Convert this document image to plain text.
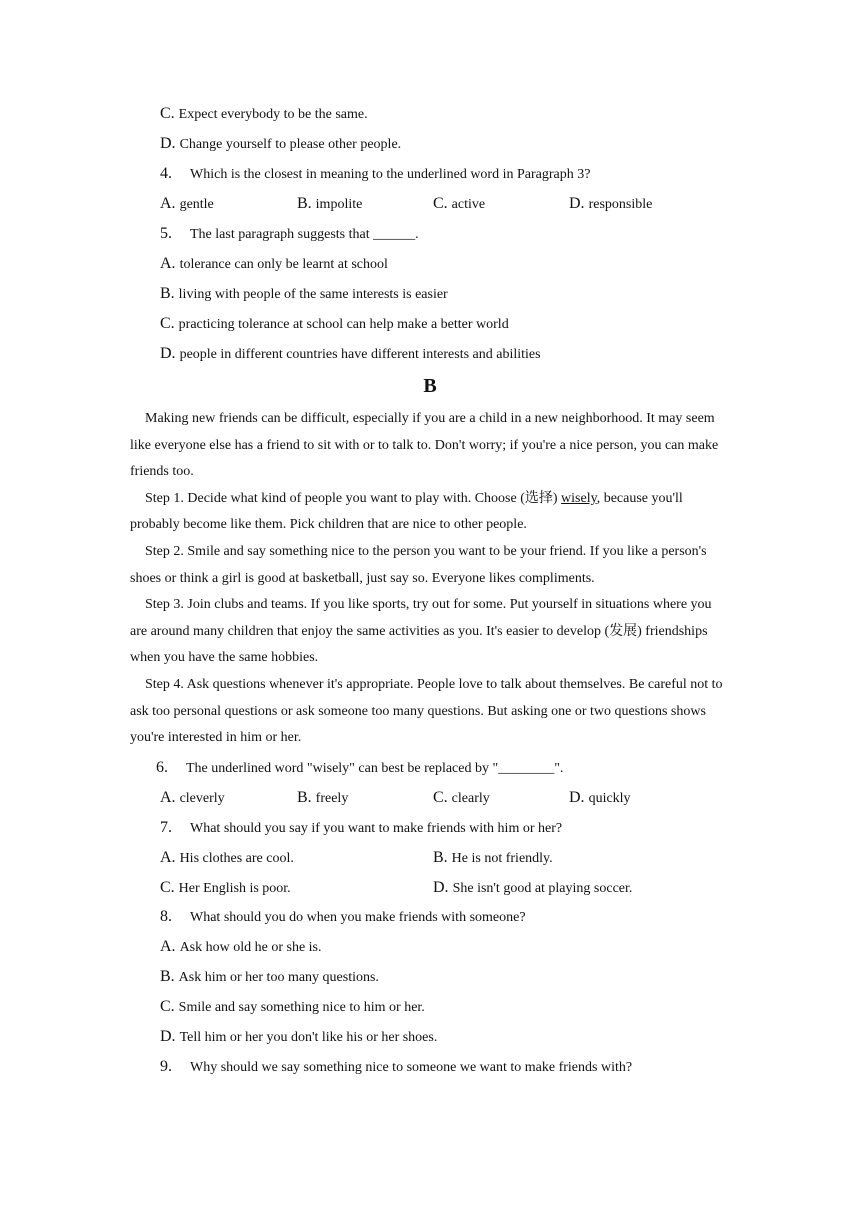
C. Expect everybody to be the same.
D. Change yourself to please other people.
4. Which is the closest in meaning to the underlined word in Paragraph 3?
A. gentle	B. impolite	C. active	D. responsible
5. The last paragraph suggests that ______.
A. tolerance can only be learnt at school
B. living with people of the same interests is easier
C. practicing tolerance at school can help make a better world
D. people in different countries have different interests and abilities
B

Making new friends can be difficult, especially if you are a child in a new neighborhood. It may seem like everyone else has a friend to sit with or to talk to. Don't worry; if you're a nice person, you can make friends too.

Step 1. Decide what kind of people you want to play with. Choose (选择) wisely, because you'll probably become like them. Pick children that are nice to other people.

Step 2. Smile and say something nice to the person you want to be your friend. If you like a person's shoes or think a girl is good at basketball, just say so. Everyone likes compliments.

Step 3. Join clubs and teams. If you like sports, try out for some. Put yourself in situations where you are around many children that enjoy the same activities as you. It's easier to develop (发展) friendships when you have the same hobbies.

Step 4. Ask questions whenever it's appropriate. People love to talk about themselves. Be careful not to ask too personal questions or ask someone too many questions. But asking one or two questions shows you're interested in him or her.

6. The underlined word "wisely" can best be replaced by "________".
A. cleverly	B. freely	C. clearly	D. quickly
7. What should you say if you want to make friends with him or her?
A. His clothes are cool.	B. He is not friendly.
C. Her English is poor.	D. She isn't good at playing soccer.
8. What should you do when you make friends with someone?
A. Ask how old he or she is.
B. Ask him or her too many questions.
C. Smile and say something nice to him or her.
D. Tell him or her you don't like his or her shoes.
9. Why should we say something nice to someone we want to make friends with?
